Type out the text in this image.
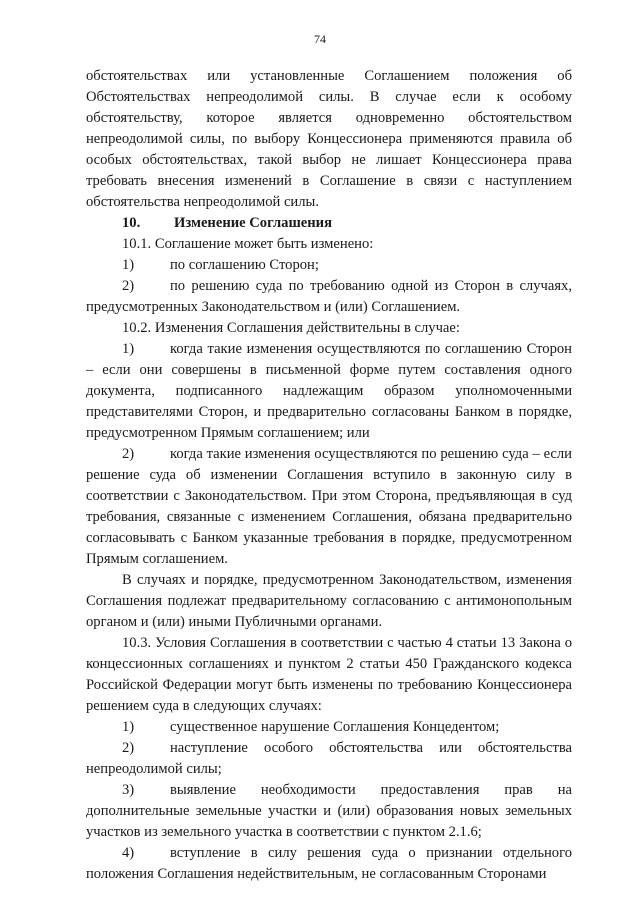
74

обстоятельствах или установленные Соглашением положения об Обстоятельствах непреодолимой силы. В случае если к особому обстоятельству, которое является одновременно обстоятельством непреодолимой силы, по выбору Концессионера применяются правила об особых обстоятельствах, такой выбор не лишает Концессионера права требовать внесения изменений в Соглашение в связи с наступлением обстоятельства непреодолимой силы.

10. Изменение Соглашения

10.1. Соглашение может быть изменено:

1) по соглашению Сторон;

2) по решению суда по требованию одной из Сторон в случаях, предусмотренных Законодательством и (или) Соглашением.

10.2. Изменения Соглашения действительны в случае:

1) когда такие изменения осуществляются по соглашению Сторон – если они совершены в письменной форме путем составления одного документа, подписанного надлежащим образом уполномоченными представителями Сторон, и предварительно согласованы Банком в порядке, предусмотренном Прямым соглашением; или

2) когда такие изменения осуществляются по решению суда – если решение суда об изменении Соглашения вступило в законную силу в соответствии с Законодательством. При этом Сторона, предъявляющая в суд требования, связанные с изменением Соглашения, обязана предварительно согласовывать с Банком указанные требования в порядке, предусмотренном Прямым соглашением.

В случаях и порядке, предусмотренном Законодательством, изменения Соглашения подлежат предварительному согласованию с антимонопольным органом и (или) иными Публичными органами.

10.3. Условия Соглашения в соответствии с частью 4 статьи 13 Закона о концессионных соглашениях и пунктом 2 статьи 450 Гражданского кодекса Российской Федерации могут быть изменены по требованию Концессионера решением суда в следующих случаях:

1) существенное нарушение Соглашения Концедентом;

2) наступление особого обстоятельства или обстоятельства непреодолимой силы;

3) выявление необходимости предоставления прав на дополнительные земельные участки и (или) образования новых земельных участков из земельного участка в соответствии с пунктом 2.1.6;

4) вступление в силу решения суда о признании отдельного положения Соглашения недействительным, не согласованным Сторонами
